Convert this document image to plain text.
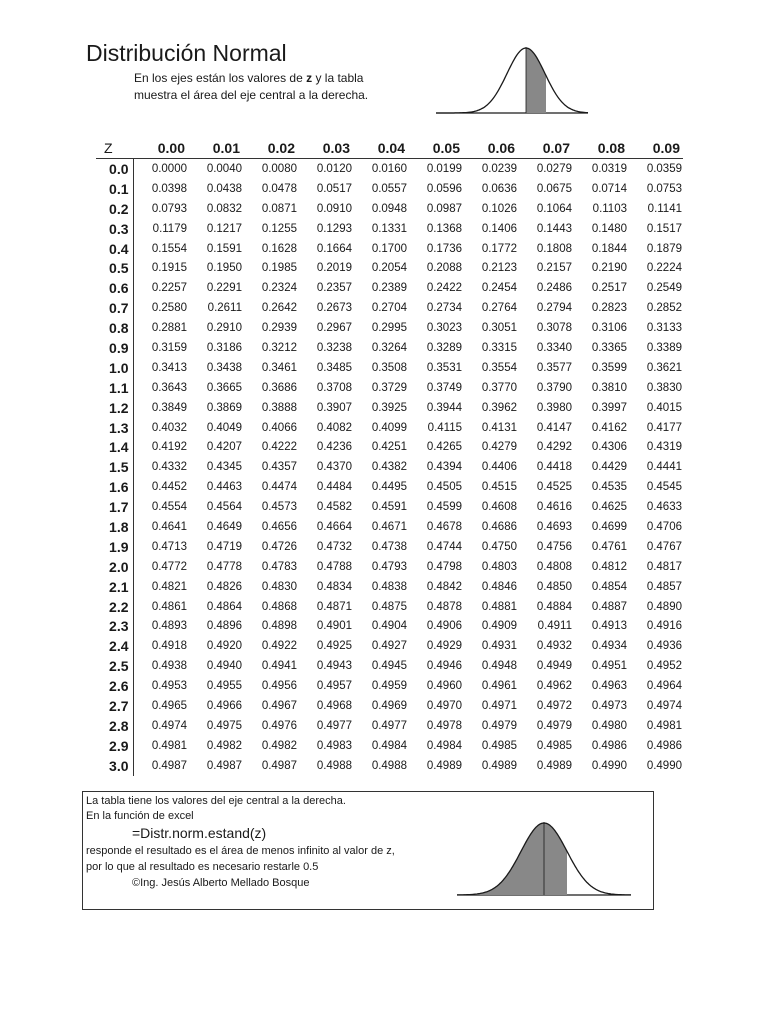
Distribución Normal
En los ejes están los valores de z y la tabla
muestra el área del eje central a la derecha.
Z	0.00	0.01	0.02	0.03	0.04	0.05	0.06	0.07	0.08	0.09
0.0	0.0000	0.0040	0.0080	0.0120	0.0160	0.0199	0.0239	0.0279	0.0319	0.0359
0.1	0.0398	0.0438	0.0478	0.0517	0.0557	0.0596	0.0636	0.0675	0.0714	0.0753
0.2	0.0793	0.0832	0.0871	0.0910	0.0948	0.0987	0.1026	0.1064	0.1103	0.1141
0.3	0.1179	0.1217	0.1255	0.1293	0.1331	0.1368	0.1406	0.1443	0.1480	0.1517
0.4	0.1554	0.1591	0.1628	0.1664	0.1700	0.1736	0.1772	0.1808	0.1844	0.1879
0.5	0.1915	0.1950	0.1985	0.2019	0.2054	0.2088	0.2123	0.2157	0.2190	0.2224
0.6	0.2257	0.2291	0.2324	0.2357	0.2389	0.2422	0.2454	0.2486	0.2517	0.2549
0.7	0.2580	0.2611	0.2642	0.2673	0.2704	0.2734	0.2764	0.2794	0.2823	0.2852
0.8	0.2881	0.2910	0.2939	0.2967	0.2995	0.3023	0.3051	0.3078	0.3106	0.3133
0.9	0.3159	0.3186	0.3212	0.3238	0.3264	0.3289	0.3315	0.3340	0.3365	0.3389
1.0	0.3413	0.3438	0.3461	0.3485	0.3508	0.3531	0.3554	0.3577	0.3599	0.3621
1.1	0.3643	0.3665	0.3686	0.3708	0.3729	0.3749	0.3770	0.3790	0.3810	0.3830
1.2	0.3849	0.3869	0.3888	0.3907	0.3925	0.3944	0.3962	0.3980	0.3997	0.4015
1.3	0.4032	0.4049	0.4066	0.4082	0.4099	0.4115	0.4131	0.4147	0.4162	0.4177
1.4	0.4192	0.4207	0.4222	0.4236	0.4251	0.4265	0.4279	0.4292	0.4306	0.4319
1.5	0.4332	0.4345	0.4357	0.4370	0.4382	0.4394	0.4406	0.4418	0.4429	0.4441
1.6	0.4452	0.4463	0.4474	0.4484	0.4495	0.4505	0.4515	0.4525	0.4535	0.4545
1.7	0.4554	0.4564	0.4573	0.4582	0.4591	0.4599	0.4608	0.4616	0.4625	0.4633
1.8	0.4641	0.4649	0.4656	0.4664	0.4671	0.4678	0.4686	0.4693	0.4699	0.4706
1.9	0.4713	0.4719	0.4726	0.4732	0.4738	0.4744	0.4750	0.4756	0.4761	0.4767
2.0	0.4772	0.4778	0.4783	0.4788	0.4793	0.4798	0.4803	0.4808	0.4812	0.4817
2.1	0.4821	0.4826	0.4830	0.4834	0.4838	0.4842	0.4846	0.4850	0.4854	0.4857
2.2	0.4861	0.4864	0.4868	0.4871	0.4875	0.4878	0.4881	0.4884	0.4887	0.4890
2.3	0.4893	0.4896	0.4898	0.4901	0.4904	0.4906	0.4909	0.4911	0.4913	0.4916
2.4	0.4918	0.4920	0.4922	0.4925	0.4927	0.4929	0.4931	0.4932	0.4934	0.4936
2.5	0.4938	0.4940	0.4941	0.4943	0.4945	0.4946	0.4948	0.4949	0.4951	0.4952
2.6	0.4953	0.4955	0.4956	0.4957	0.4959	0.4960	0.4961	0.4962	0.4963	0.4964
2.7	0.4965	0.4966	0.4967	0.4968	0.4969	0.4970	0.4971	0.4972	0.4973	0.4974
2.8	0.4974	0.4975	0.4976	0.4977	0.4977	0.4978	0.4979	0.4979	0.4980	0.4981
2.9	0.4981	0.4982	0.4982	0.4983	0.4984	0.4984	0.4985	0.4985	0.4986	0.4986
3.0	0.4987	0.4987	0.4987	0.4988	0.4988	0.4989	0.4989	0.4989	0.4990	0.4990
La tabla tiene los valores del eje central a la derecha.
En la función de excel
=Distr.norm.estand(z)
responde el resultado es el área de menos infinito al valor de z,
por lo que al resultado es necesario restarle 0.5
©Ing. Jesús Alberto Mellado Bosque
